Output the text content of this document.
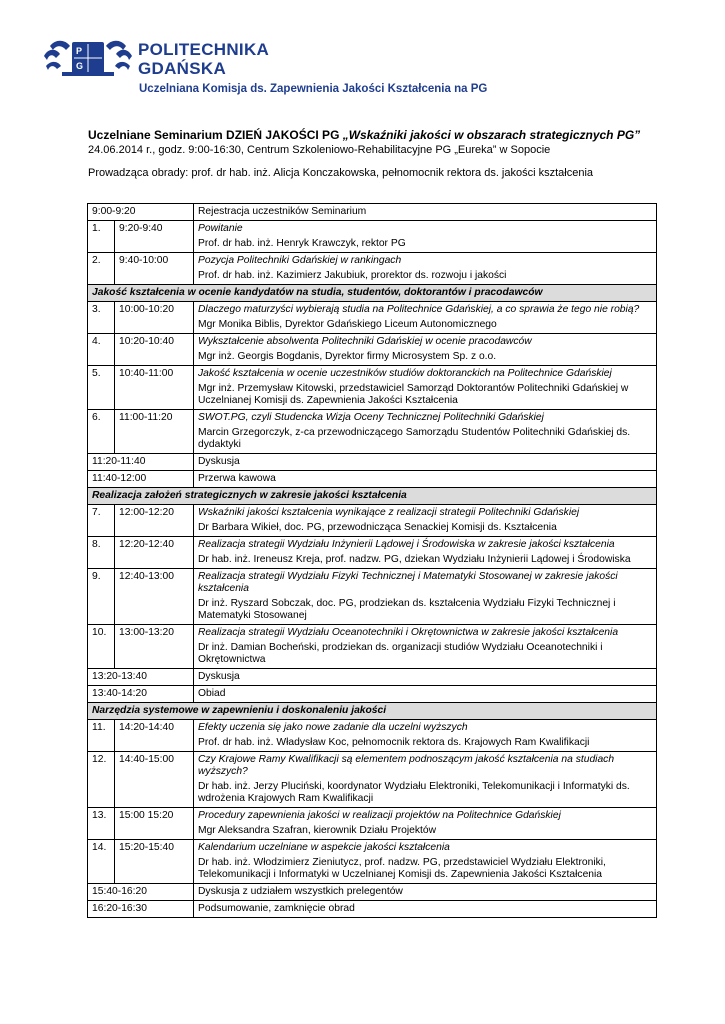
P
G
POLITECHNIKA
GDAŃSKA
Uczelniana Komisja ds. Zapewnienia Jakości Kształcenia na PG
Uczelniane Seminarium DZIEŃ JAKOŚCI PG „Wskaźniki jakości w obszarach strategicznych PG”
24.06.2014 r., godz. 9:00-16:30, Centrum Szkoleniowo-Rehabilitacyjne PG „Eureka” w Sopocie
Prowadząca obrady: prof. dr hab. inż. Alicja Konczakowska, pełnomocnik rektora ds. jakości kształcenia
9:00-9:20		Rejestracja uczestników Seminarium
1.	9:20-9:40	Powitanie
Prof. dr hab. inż. Henryk Krawczyk, rektor PG

2.	9:40-10:00	Pozycja Politechniki Gdańskiej w rankingach
Prof. dr hab. inż. Kazimierz Jakubiuk, prorektor ds. rozwoju i jakości

Jakość kształcenia w ocenie kandydatów na studia, studentów, doktorantów i pracodawców		
3.	10:00-10:20	Dlaczego maturzyści wybierają studia na Politechnice Gdańskiej, a co sprawia że tego nie robią?
Mgr Monika Biblis, Dyrektor Gdańskiego Liceum Autonomicznego

4.	10:20-10:40	Wykształcenie absolwenta Politechniki Gdańskiej w ocenie pracodawców
Mgr inż. Georgis Bogdanis, Dyrektor firmy Microsystem Sp. z o.o.

5.	10:40-11:00	Jakość kształcenia w ocenie uczestników studiów doktoranckich na Politechnice Gdańskiej
Mgr inż. Przemysław Kitowski, przedstawiciel Samorząd Doktorantów Politechniki Gdańskiej w Uczelnianej Komisji ds. Zapewnienia Jakości Kształcenia

6.	11:00-11:20	SWOT.PG, czyli Studencka Wizja Oceny Technicznej Politechniki Gdańskiej
Marcin Grzegorczyk, z-ca przewodniczącego Samorządu Studentów Politechniki Gdańskiej ds. dydaktyki

11:20-11:40		Dyskusja
11:40-12:00		Przerwa kawowa
Realizacja założeń strategicznych w zakresie jakości kształcenia		
7.	12:00-12:20	Wskaźniki jakości kształcenia wynikające z realizacji strategii Politechniki Gdańskiej
Dr Barbara Wikieł, doc. PG, przewodnicząca Senackiej Komisji ds. Kształcenia

8.	12:20-12:40	Realizacja strategii Wydziału Inżynierii Lądowej i Środowiska w zakresie jakości kształcenia
Dr hab. inż. Ireneusz Kreja, prof. nadzw. PG, dziekan Wydziału Inżynierii Lądowej i Środowiska

9.	12:40-13:00	Realizacja strategii Wydziału Fizyki Technicznej i Matematyki Stosowanej w zakresie jakości kształcenia
Dr inż. Ryszard Sobczak, doc. PG, prodziekan ds. kształcenia Wydziału Fizyki Technicznej i Matematyki Stosowanej

10.	13:00-13:20	Realizacja strategii Wydziału Oceanotechniki i Okrętownictwa w zakresie jakości kształcenia
Dr inż. Damian Bocheński, prodziekan ds. organizacji studiów Wydziału Oceanotechniki i Okrętownictwa

13:20-13:40		Dyskusja
13:40-14:20		Obiad
Narzędzia systemowe w zapewnieniu i doskonaleniu jakości		
11.	14:20-14:40	Efekty uczenia się jako nowe zadanie dla uczelni wyższych
Prof. dr hab. inż. Władysław Koc, pełnomocnik rektora ds. Krajowych Ram Kwalifikacji

12.	14:40-15:00	Czy Krajowe Ramy Kwalifikacji są elementem podnoszącym jakość kształcenia na studiach wyższych?
Dr hab. inż. Jerzy Pluciński, koordynator Wydziału Elektroniki, Telekomunikacji i Informatyki ds. wdrożenia Krajowych Ram Kwalifikacji

13.	15:00 15:20	Procedury zapewnienia jakości w realizacji projektów na Politechnice Gdańskiej
Mgr Aleksandra Szafran, kierownik Działu Projektów

14.	15:20-15:40	Kalendarium uczelniane w aspekcie jakości kształcenia
Dr hab. inż. Włodzimierz Zieniutycz, prof. nadzw. PG, przedstawiciel Wydziału Elektroniki, Telekomunikacji i Informatyki w Uczelnianej Komisji ds. Zapewnienia Jakości Kształcenia

15:40-16:20		Dyskusja z udziałem wszystkich prelegentów
16:20-16:30		Podsumowanie, zamknięcie obrad
